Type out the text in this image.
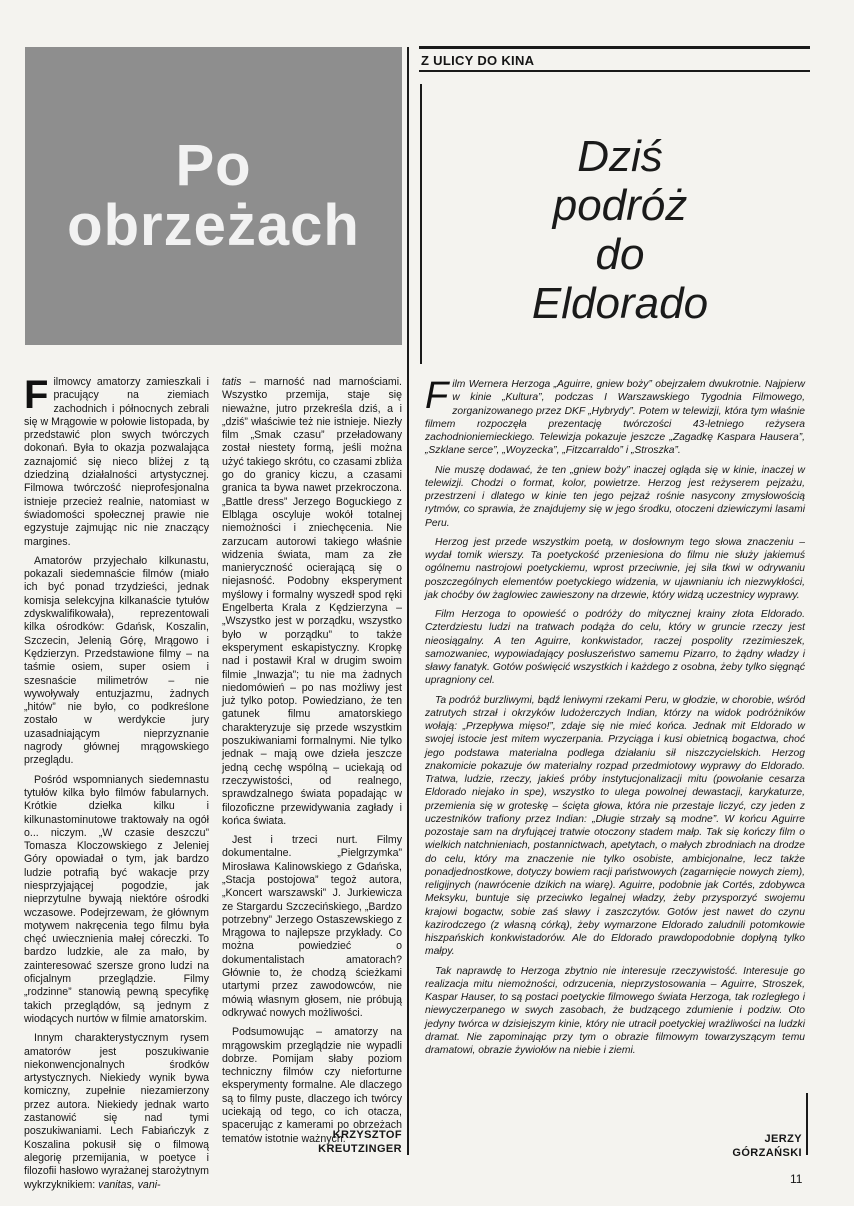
Po
obrzeżach
Z ULICY DO KINA
Dziś
podróż
do
Eldorado

Filmowcy amatorzy zamieszkali i pracujący na ziemiach zachodnich i północnych zebrali się w Mrągowie w połowie listopada, by przedstawić plon swych twórczych dokonań. Była to okazja pozwalająca zaznajomić się nieco bliżej z tą dziedziną działalności artystycznej. Filmowa twórczość nieprofesjonalna istnieje przecież realnie, natomiast w świadomości społecznej prawie nie egzystuje zajmując nic nie znaczący margines.

Amatorów przyjechało kilkunastu, pokazali siedemnaście filmów (miało ich być ponad trzydzieści, jednak komisja selekcyjna kilkanaście tytułów zdyskwalifikowała), reprezentowali kilka ośrodków: Gdańsk, Koszalin, Szczecin, Jelenią Górę, Mrągowo i Kędzierzyn. Przedstawione filmy – na taśmie osiem, super osiem i szesnaście milimetrów – nie wywoływały entuzjazmu, żadnych „hitów” nie było, co podkreślone zostało w werdykcie jury uzasadniającym nieprzyznanie nagrody głównej mrągowskiego przeglądu.

Pośród wspomnianych siedemnastu tytułów kilka było filmów fabularnych. Krótkie dziełka kilku i kilkunastominutowe traktowały na ogół o... niczym. „W czasie deszczu” Tomasza Kloczowskiego z Jeleniej Góry opowiadał o tym, jak bardzo ludzie potrafią być wakacje przy niesprzyjającej pogodzie, jak nieprzytulne bywają niektóre ośrodki wczasowe. Podejrzewam, że głównym motywem nakręcenia tego filmu była chęć uwiecznienia małej córeczki. To bardzo ludzkie, ale za mało, by zainteresować szersze grono ludzi na oficjalnym przeglądzie. Filmy „rodzinne” stanowią pewną specyfikę takich przeglądów, są jednym z wiodących nurtów w filmie amatorskim.

Innym charakterystycznym rysem amatorów jest poszukiwanie niekonwencjonalnych środków artystycznych. Niekiedy wynik bywa komiczny, zupełnie niezamierzony przez autora. Niekiedy jednak warto zastanowić się nad tymi poszukiwaniami. Lech Fabiańczyk z Koszalina pokusił się o filmową alegorię przemijania, w poetyce i filozofii hasłowo wyrażanej starożytnym wykrzyknikiem: vanitas, vani-

tatis – marność nad marnościami. Wszystko przemija, staje się nieważne, jutro przekreśla dziś, a i „dziś” właściwie też nie istnieje. Niezły film „Smak czasu” przeładowany został niestety formą, jeśli można użyć takiego skrótu, co czasami zbliża go do granicy kiczu, a czasami granica ta bywa nawet przekroczona. „Battle dress” Jerzego Boguckiego z Elbląga oscyluje wokół totalnej niemożności i zniechęcenia. Nie zarzucam autorowi takiego właśnie widzenia świata, mam za złe manieryczność ocierającą się o niejasność. Podobny eksperyment myślowy i formalny wyszedł spod ręki Engelberta Krala z Kędzierzyna – „Wszystko jest w porządku, wszystko było w porządku” to także eksperyment eskapistyczny. Kropkę nad i postawił Kral w drugim swoim filmie „Inwazja”; tu nie ma żadnych niedomówień – po nas możliwy jest już tylko potop. Powiedziano, że ten gatunek filmu amatorskiego charakteryzuje się przede wszystkim poszukiwaniami formalnymi. Nie tylko jednak – mają owe dzieła jeszcze jedną cechę wspólną – uciekają od rzeczywistości, od realnego, sprawdzalnego świata popadając w filozoficzne przewidywania zagłady i końca świata.

Jest i trzeci nurt. Filmy dokumentalne. „Pielgrzymka” Mirosława Kalinowskiego z Gdańska, „Stacja postojowa” tegoż autora, „Koncert warszawski” J. Jurkiewicza ze Stargardu Szczecińskiego, „Bardzo potrzebny” Jerzego Ostaszewskiego z Mrągowa to najlepsze przykłady. Co można powiedzieć o dokumentalistach amatorach? Głównie to, że chodzą ścieżkami utartymi przez zawodowców, nie mówią własnym głosem, nie próbują odkrywać nowych możliwości.

Podsumowując – amatorzy na mrągowskim przeglądzie nie wypadli dobrze. Pomijam słaby poziom techniczny filmów czy nieforturne eksperymenty formalne. Ale dlaczego są to filmy puste, dlaczego ich twórcy uciekają od tego, co ich otacza, spacerując z kamerami po obrzeżach tematów istotnie ważnych.

KRZYSZTOF
KREUTZINGER

Film Wernera Herzoga „Aguirre, gniew boży” obejrzałem dwukrotnie. Najpierw w kinie „Kultura”, podczas I Warszawskiego Tygodnia Filmowego, zorganizowanego przez DKF „Hybrydy”. Potem w telewizji, która tym właśnie filmem rozpoczęła prezentację twórczości 43-letniego reżysera zachodnioniemieckiego. Telewizja pokazuje jeszcze „Zagadkę Kaspara Hausera”, „Szklane serce”, „Woyzecka”, „Fitzcarraldo” i „Stroszka”.

Nie muszę dodawać, że ten „gniew boży” inaczej ogląda się w kinie, inaczej w telewizji. Chodzi o format, kolor, powietrze. Herzog jest reżyserem pejzażu, przestrzeni i dlatego w kinie ten jego pejzaż rośnie nasycony zmysłowością rytmów, co sprawia, że znajdujemy się w jego środku, otoczeni dziewiczymi lasami Peru.

Herzog jest przede wszystkim poetą, w dosłownym tego słowa znaczeniu – wydał tomik wierszy. Ta poetyckość przeniesiona do filmu nie służy jakiemuś ogólnemu nastrojowi poetyckiemu, wprost przeciwnie, jej siła tkwi w odrywaniu poszczególnych elementów poetyckiego widzenia, w ujawnianiu ich niezwykłości, jak choćby ów żaglowiec zawieszony na drzewie, który widzą uczestnicy wyprawy.

Film Herzoga to opowieść o podróży do mitycznej krainy złota Eldorado. Czterdziestu ludzi na tratwach podąża do celu, który w gruncie rzeczy jest nieosiągalny. A ten Aguirre, konkwistador, raczej pospolity rzezimieszek, samozwaniec, wypowiadający posłuszeństwo samemu Pizarro, to żądny władzy i sławy fanatyk. Gotów poświęcić wszystkich i każdego z osobna, żeby tylko sięgnąć upragniony cel.

Ta podróż burzliwymi, bądź leniwymi rzekami Peru, w głodzie, w chorobie, wśród zatrutych strzał i okrzyków ludożerczych Indian, którzy na widok podróżników wołają: „Przepływa mięso!”, zdaje się nie mieć końca. Jednak mit Eldorado w swojej istocie jest mitem wyczerpania. Przyciąga i kusi obietnicą bogactwa, choć jego podstawa materialna podlega działaniu sił niszczycielskich. Herzog znakomicie pokazuje ów materialny rozpad przedmiotowy wyprawy do Eldorado. Tratwa, ludzie, rzeczy, jakieś próby instytucjonalizacji mitu (powołanie cesarza Eldorado niejako in spe), wszystko to ulega powolnej dewastacji, karykaturze, przemienia się w groteskę – ścięta głowa, która nie przestaje liczyć, czy jeden z uczestników trafiony przez Indian: „Długie strzały są modne”. W końcu Aguirre pozostaje sam na dryfującej tratwie otoczony stadem małp. Tak się kończy film o wielkich natchnieniach, postannictwach, apetytach, o małych zbrodniach na drodze do celu, który ma znaczenie nie tylko osobiste, ambicjonalne, lecz także ponadjednostkowe, dotyczy bowiem racji państwowych (zagarnięcie nowych ziem), religijnych (nawrócenie dzikich na wiarę). Aguirre, podobnie jak Cortés, zdobywca Meksyku, buntuje się przeciwko legalnej władzy, żeby przysporzyć swojemu krajowi bogactw, sobie zaś sławy i zaszczytów. Gotów jest nawet do czynu kazirodczego (z własną córką), żeby wymarzone Eldorado zaludnili potomkowie hiszpańskich konkwistadorów. Ale do Eldorado prawdopodobnie dopłyną tylko małpy.

Tak naprawdę to Herzoga zbytnio nie interesuje rzeczywistość. Interesuje go realizacja mitu niemożności, odrzucenia, nieprzystosowania – Aguirre, Stroszek, Kaspar Hauser, to są postaci poetyckie filmowego świata Herzoga, tak rozległego i niewyczerpanego w swych zasobach, że budzącego zdumienie i podziw. Oto jedyny twórca w dzisiejszym kinie, który nie utracił poetyckiej wrażliwości na ludzki dramat. Nie zapominając przy tym o obrazie filmowym towarzyszącym temu dramatowi, obrazie żywiołów na niebie i ziemi.

JERZY
GÓRZAŃSKI
11
